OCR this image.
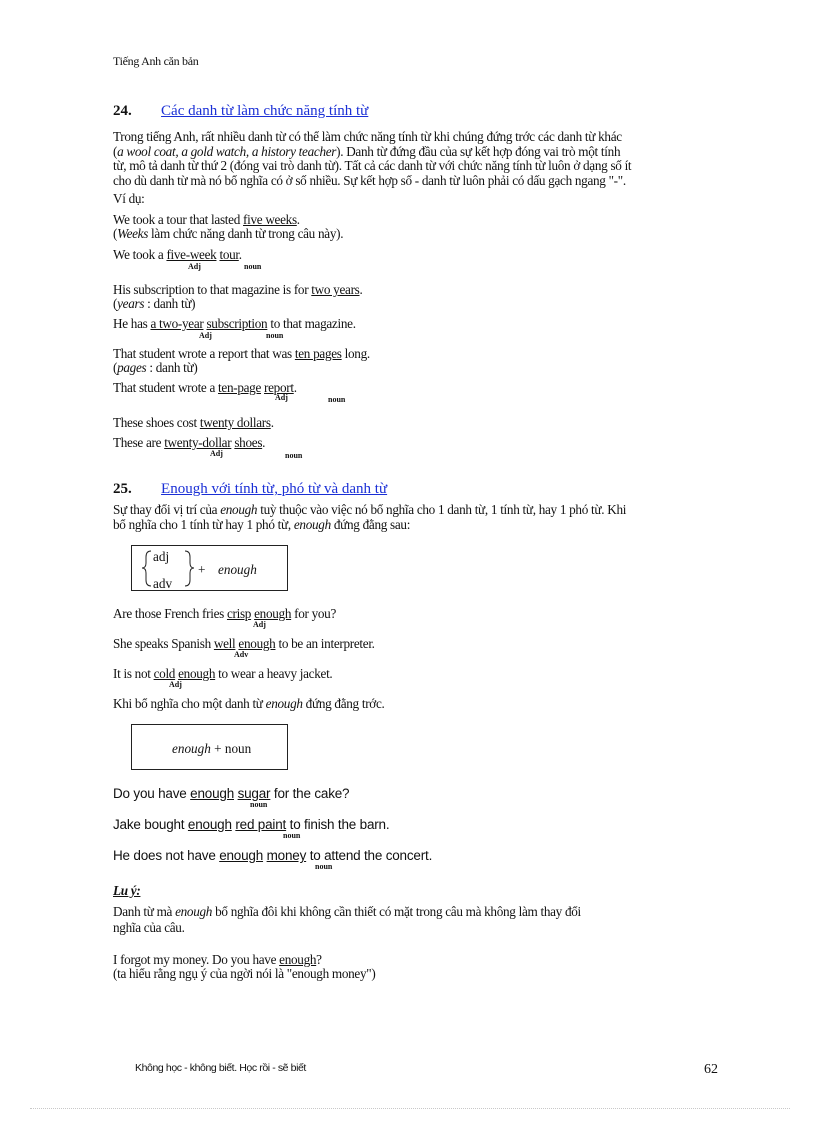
Tiếng Anh căn bản
24. Các danh từ làm chức năng tính từ
Trong tiếng Anh, rất nhiều danh từ có thể làm chức năng tính từ khi chúng đứng trớc các danh từ khác
(a wool coat, a gold watch, a history teacher). Danh từ đứng đầu của sự kết hợp đóng vai trò một tính
từ, mô tả danh từ thứ 2 (đóng vai trò danh từ). Tất cả các danh từ với chức năng tính từ luôn ở dạng số ít
cho dù danh từ mà nó bổ nghĩa có ở số nhiều. Sự kết hợp số - danh từ luôn phải có dấu gạch ngang "-".
Ví dụ:
We took a tour that lasted five weeks.
(Weeks làm chức năng danh từ trong câu này).
We took a five-week tour.
Adj	noun
His subscription to that magazine is for two years.
(years : danh từ)
He has a two-year subscription to that magazine.
Adj	noun
That student wrote a report that was ten pages long.
(pages : danh từ)
That student wrote a ten-page report.
Adj	noun
These shoes cost twenty dollars.
These are twenty-dollar shoes.
Adj	noun
25. Enough với tính từ, phó từ và danh từ
Sự thay đổi vị trí của enough tuỳ thuộc vào việc nó bổ nghĩa cho 1 danh từ, 1 tính từ, hay 1 phó từ. Khi
bổ nghĩa cho 1 tính từ hay 1 phó từ, enough đứng đằng sau:
adj
adv
+ enough
Are those French fries crisp enough for you?
Adj
She speaks Spanish well enough to be an interpreter.
Adv
It is not cold enough to wear a heavy jacket.
Adj
Khi bổ nghĩa cho một danh từ enough đứng đằng trớc.
enough + noun
Do you have enough sugar for the cake?
noun
Jake bought enough red paint to finish the barn.
noun
He does not have enough money to attend the concert.
noun
Lu ý:
Danh từ mà enough bổ nghĩa đôi khi không cần thiết có mặt trong câu mà không làm thay đổi
nghĩa của câu.
I forgot my money. Do you have enough?
(ta hiểu rằng ngụ ý của ngời nói là "enough money")
Không học - không biết. Học rồi - sẽ biết	62
